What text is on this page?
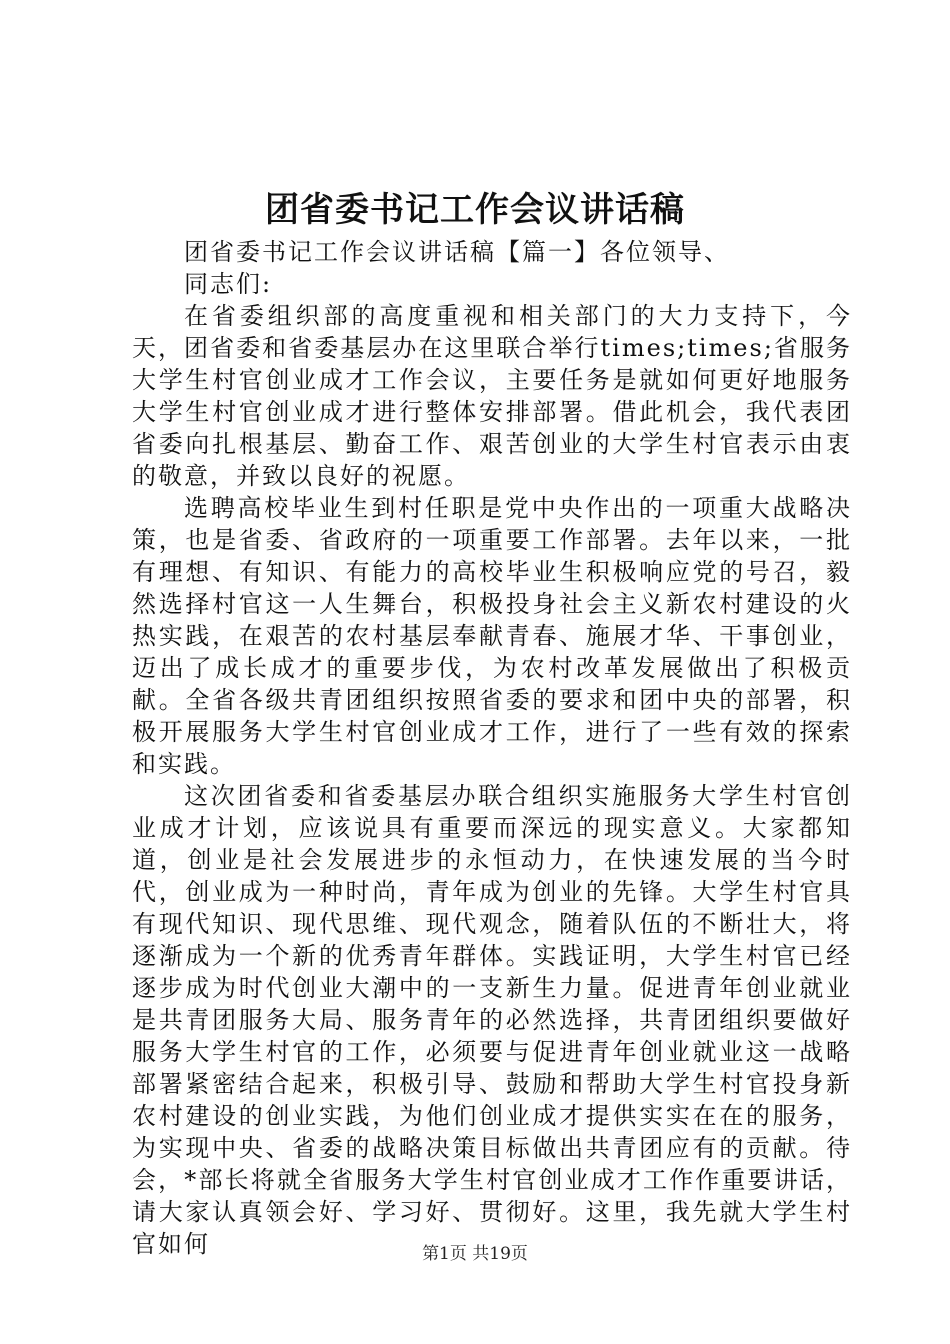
团省委书记工作会议讲话稿

团省委书记工作会议讲话稿【篇一】各位领导、

同志们:

在省委组织部的高度重视和相关部门的大力支持下，今天，团省委和省委基层办在这里联合举行times;times;省服务大学生村官创业成才工作会议，主要任务是就如何更好地服务大学生村官创业成才进行整体安排部署。借此机会，我代表团省委向扎根基层、勤奋工作、艰苦创业的大学生村官表示由衷的敬意，并致以良好的祝愿。

选聘高校毕业生到村任职是党中央作出的一项重大战略决策，也是省委、省政府的一项重要工作部署。去年以来，一批有理想、有知识、有能力的高校毕业生积极响应党的号召，毅然选择村官这一人生舞台，积极投身社会主义新农村建设的火热实践，在艰苦的农村基层奉献青春、施展才华、干事创业，迈出了成长成才的重要步伐，为农村改革发展做出了积极贡献。全省各级共青团组织按照省委的要求和团中央的部署，积极开展服务大学生村官创业成才工作，进行了一些有效的探索和实践。

这次团省委和省委基层办联合组织实施服务大学生村官创业成才计划，应该说具有重要而深远的现实意义。大家都知道，创业是社会发展进步的永恒动力，在快速发展的当今时代，创业成为一种时尚，青年成为创业的先锋。大学生村官具有现代知识、现代思维、现代观念，随着队伍的不断壮大，将逐渐成为一个新的优秀青年群体。实践证明，大学生村官已经逐步成为时代创业大潮中的一支新生力量。促进青年创业就业是共青团服务大局、服务青年的必然选择，共青团组织要做好服务大学生村官的工作，必须要与促进青年创业就业这一战略部署紧密结合起来，积极引导、鼓励和帮助大学生村官投身新农村建设的创业实践，为他们创业成才提供实实在在的服务，为实现中央、省委的战略决策目标做出共青团应有的贡献。待会，*部长将就全省服务大学生村官创业成才工作作重要讲话，请大家认真领会好、学习好、贯彻好。这里，我先就大学生村官如何	第1页 共19页
